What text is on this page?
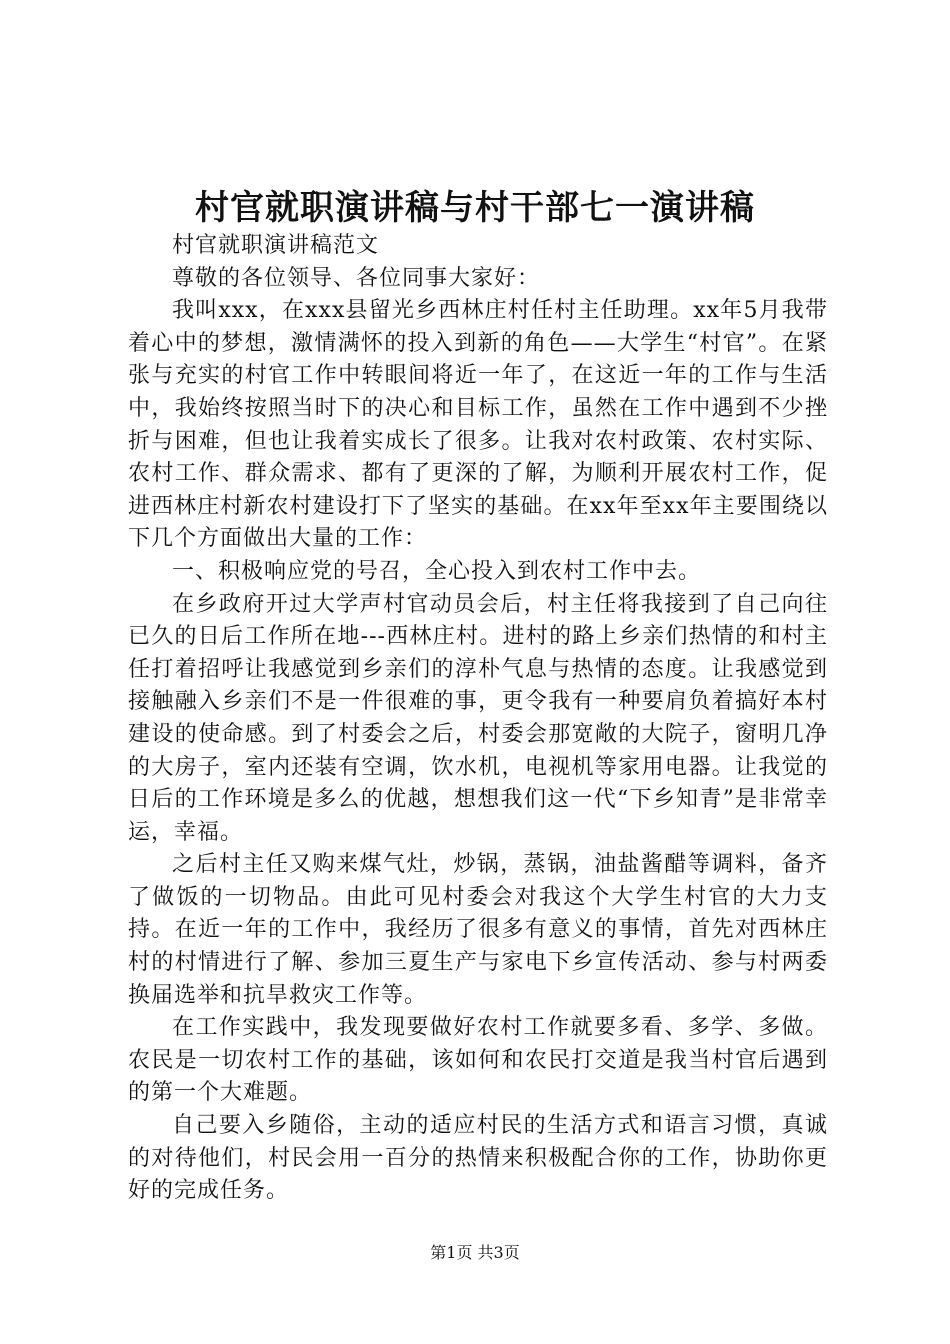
村官就职演讲稿与村干部七一演讲稿

村官就职演讲稿范文

尊敬的各位领导、各位同事大家好：

我叫xxx，在xxx县留光乡西林庄村任村主任助理。xx年5月我带着心中的梦想，激情满怀的投入到新的角色——大学生“村官”。在紧张与充实的村官工作中转眼间将近一年了，在这近一年的工作与生活中，我始终按照当时下的决心和目标工作，虽然在工作中遇到不少挫折与困难，但也让我着实成长了很多。让我对农村政策、农村实际、农村工作、群众需求、都有了更深的了解，为顺利开展农村工作，促进西林庄村新农村建设打下了坚实的基础。在xx年至xx年主要围绕以下几个方面做出大量的工作：

一、积极响应党的号召，全心投入到农村工作中去。

在乡政府开过大学声村官动员会后，村主任将我接到了自己向往已久的日后工作所在地---西林庄村。进村的路上乡亲们热情的和村主任打着招呼让我感觉到乡亲们的淳朴气息与热情的态度。让我感觉到接触融入乡亲们不是一件很难的事，更令我有一种要肩负着搞好本村建设的使命感。到了村委会之后，村委会那宽敞的大院子，窗明几净的大房子，室内还装有空调，饮水机，电视机等家用电器。让我觉的日后的工作环境是多么的优越，想想我们这一代“下乡知青”是非常幸运，幸福。

之后村主任又购来煤气灶，炒锅，蒸锅，油盐酱醋等调料，备齐了做饭的一切物品。由此可见村委会对我这个大学生村官的大力支持。在近一年的工作中，我经历了很多有意义的事情，首先对西林庄村的村情进行了解、参加三夏生产与家电下乡宣传活动、参与村两委换届选举和抗旱救灾工作等。

在工作实践中，我发现要做好农村工作就要多看、多学、多做。农民是一切农村工作的基础，该如何和农民打交道是我当村官后遇到的第一个大难题。

自己要入乡随俗，主动的适应村民的生活方式和语言习惯，真诚的对待他们，村民会用一百分的热情来积极配合你的工作，协助你更好的完成任务。

第1页 共3页
